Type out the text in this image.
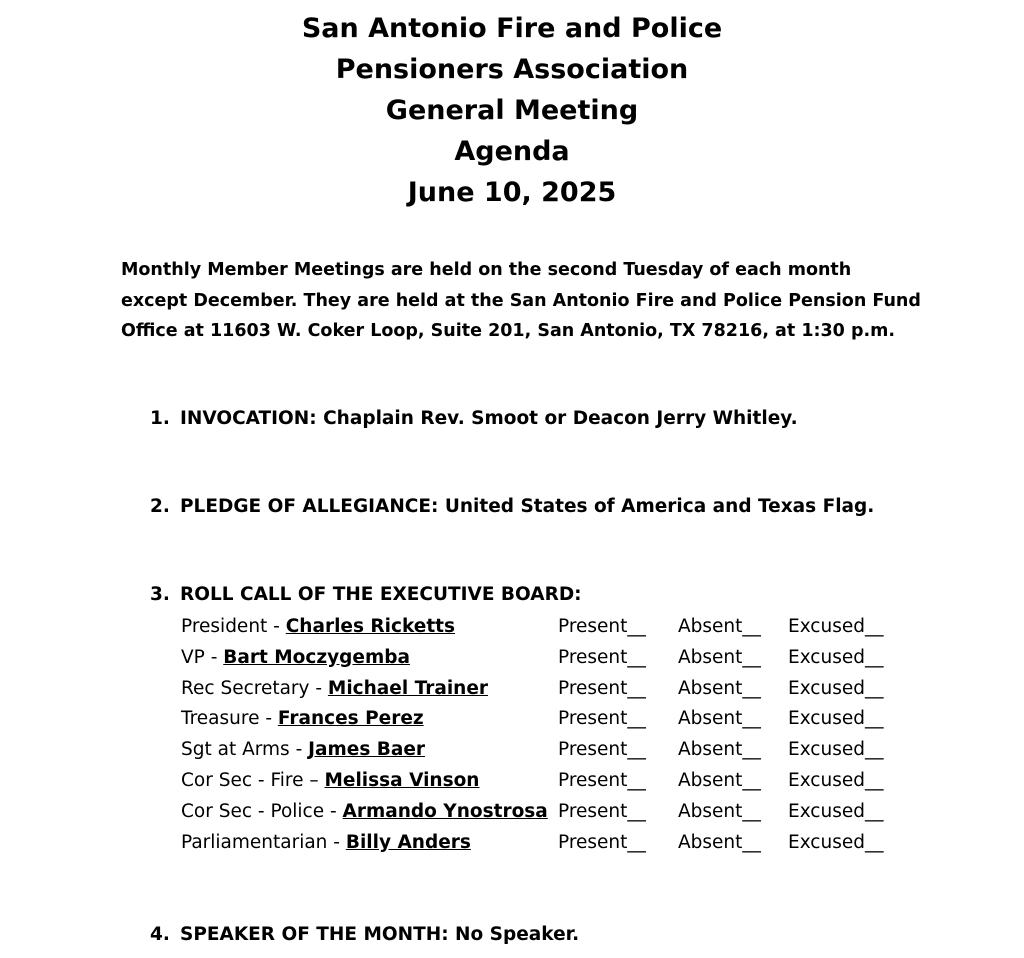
San Antonio Fire and Police
Pensioners Association
General Meeting
Agenda
June 10, 2025
Monthly Member Meetings are held on the second Tuesday of each month except December. They are held at the San Antonio Fire and Police Pension Fund Office at 11603 W. Coker Loop, Suite 201, San Antonio, TX 78216, at 1:30 p.m.
1. INVOCATION: Chaplain Rev. Smoot or Deacon Jerry Whitley.
2. PLEDGE OF ALLEGIANCE: United States of America and Texas Flag.
3. ROLL CALL OF THE EXECUTIVE BOARD:
President - Charles Ricketts	Present__ Absent__ Excused__
VP - Bart Moczygemba	Present__ Absent__ Excused__
Rec Secretary - Michael Trainer	Present__ Absent__ Excused__
Treasure - Frances Perez	Present__ Absent__ Excused__
Sgt at Arms - James Baer	Present__ Absent__ Excused__
Cor Sec - Fire – Melissa Vinson	Present__ Absent__ Excused__
Cor Sec - Police - Armando Ynostrosa Present__ Absent__ Excused__
Parliamentarian - Billy Anders	Present__ Absent__ Excused__
4. SPEAKER OF THE MONTH: No Speaker.
